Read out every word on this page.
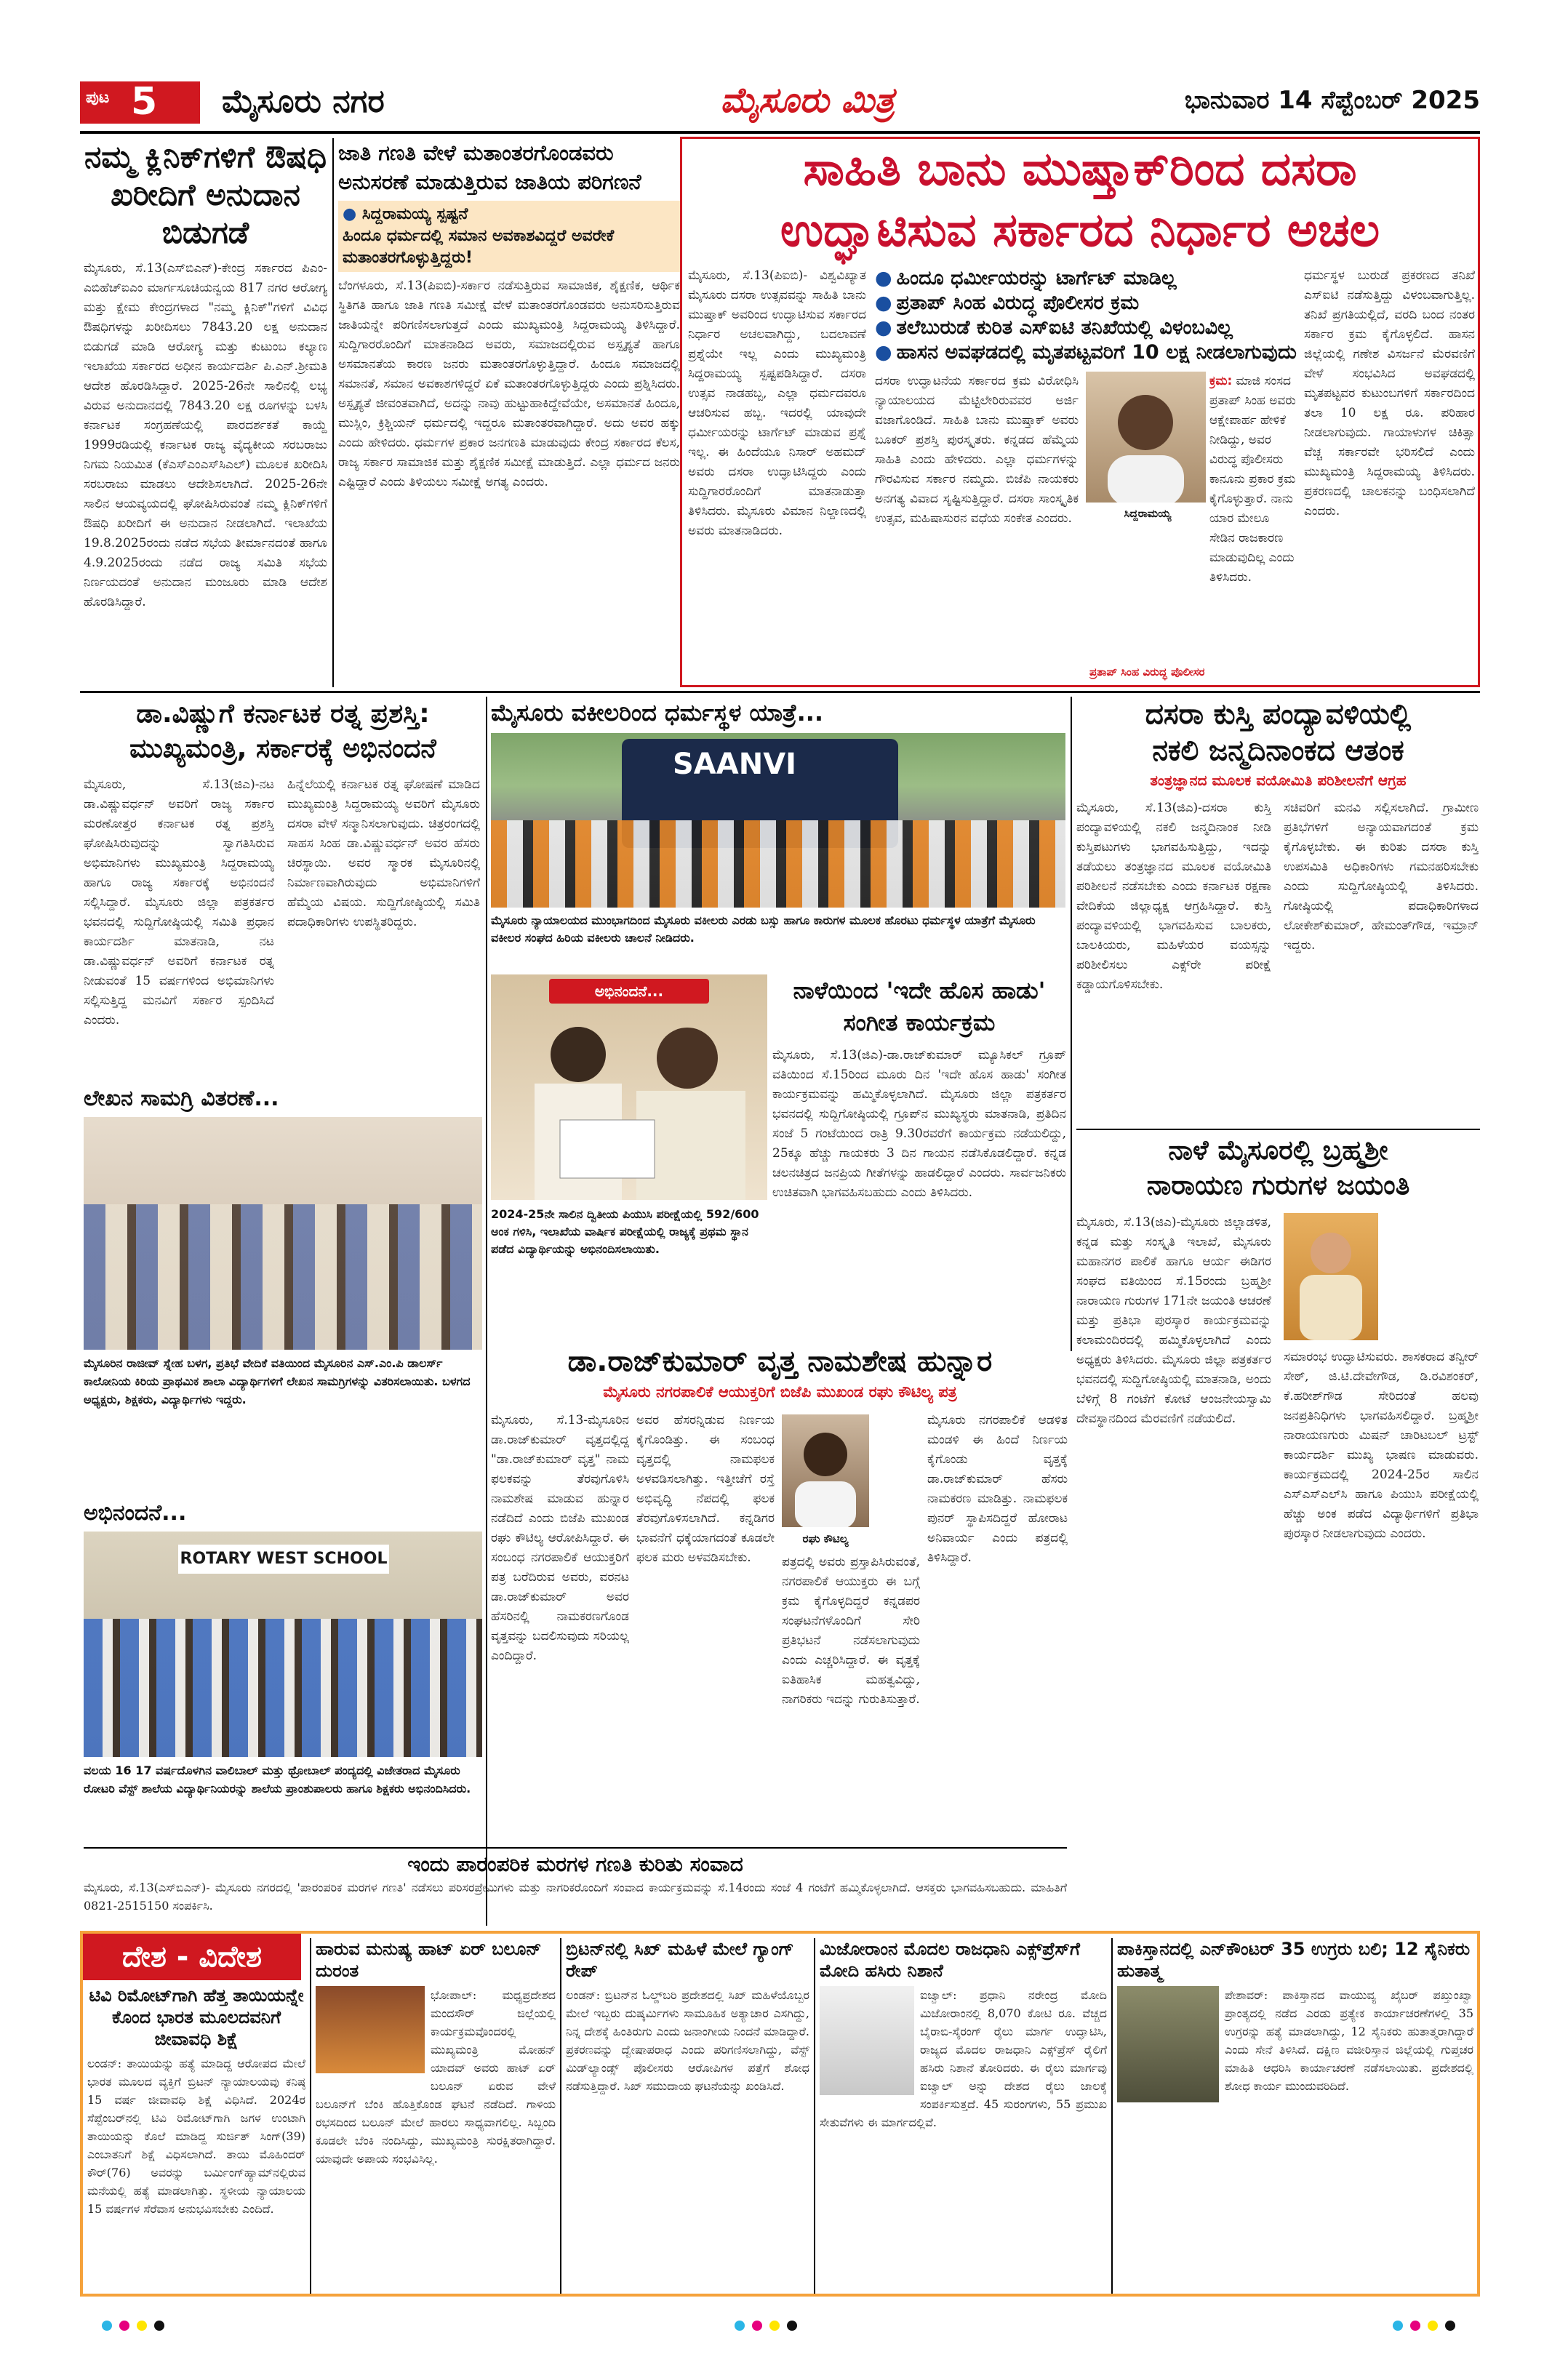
ಪುಟ 5 ಮೈಸೂರು ನಗರ	ಮೈಸೂರು ಮಿತ್ರ	ಭಾನುವಾರ 14 ಸೆಪ್ಟೆಂಬರ್ 2025
ನಮ್ಮ ಕ್ಲಿನಿಕ್‌ಗಳಿಗೆ ಔಷಧಿ ಖರೀದಿಗೆ ಅನುದಾನ ಬಿಡುಗಡೆ
ಮೈಸೂರು, ಸೆ.13(ಎಸ್‌ಬಿಎನ್)-ಕೇಂದ್ರ ಸರ್ಕಾರದ ಪಿಎಂ-ಎಬಿಹೆಚ್‌ಐಎಂ ಮಾರ್ಗಸೂಚಿಯನ್ವಯ 817 ನಗರ ಆರೋಗ್ಯ ಮತ್ತು ಕ್ಷೇಮ ಕೇಂದ್ರಗಳಾದ "ನಮ್ಮ ಕ್ಲಿನಿಕ್"ಗಳಿಗೆ ವಿವಿಧ ಔಷಧಿಗಳನ್ನು ಖರೀದಿಸಲು 7843.20 ಲಕ್ಷ ಅನುದಾನ ಬಿಡುಗಡೆ ಮಾಡಿ ಆರೋಗ್ಯ ಮತ್ತು ಕುಟುಂಬ ಕಲ್ಯಾಣ ಇಲಾಖೆಯ ಸರ್ಕಾರದ ಅಧೀನ ಕಾರ್ಯದರ್ಶಿ ಪಿ.ಎನ್.ಶ್ರೀಮತಿ ಆದೇಶ ಹೊರಡಿಸಿದ್ದಾರೆ. 2025-26ನೇ ಸಾಲಿನಲ್ಲಿ ಲಭ್ಯ ವಿರುವ ಅನುದಾನದಲ್ಲಿ 7843.20 ಲಕ್ಷ ರೂಗಳನ್ನು ಬಳಸಿ ಕರ್ನಾಟಕ ಸಂಗ್ರಹಣೆಯಲ್ಲಿ ಪಾರದರ್ಶಕತೆ ಕಾಯ್ದೆ 1999ರಡಿಯಲ್ಲಿ ಕರ್ನಾಟಕ ರಾಜ್ಯ ವೈದ್ಯಕೀಯ ಸರಬರಾಜು ನಿಗಮ ನಿಯಮಿತ (ಕೆಎಸ್‌ಎಂಎಸ್‌ಸಿಎಲ್) ಮೂಲಕ ಖರೀದಿಸಿ ಸರಬರಾಜು ಮಾಡಲು ಆದೇಶಿಸಲಾಗಿದೆ. 2025-26ನೇ ಸಾಲಿನ ಆಯವ್ಯಯದಲ್ಲಿ ಘೋಷಿಸಿರುವಂತೆ ನಮ್ಮ ಕ್ಲಿನಿಕ್‌ಗಳಿಗೆ ಔಷಧಿ ಖರೀದಿಗೆ ಈ ಅನುದಾನ ನೀಡಲಾಗಿದೆ. ಇಲಾಖೆಯ 19.8.2025ರಂದು ನಡೆದ ಸಭೆಯ ತೀರ್ಮಾನದಂತೆ ಹಾಗೂ 4.9.2025ರಂದು ನಡೆದ ರಾಜ್ಯ ಸಮಿತಿ ಸಭೆಯ ನಿರ್ಣಯದಂತೆ ಅನುದಾನ ಮಂಜೂರು ಮಾಡಿ ಆದೇಶ ಹೊರಡಿಸಿದ್ದಾರೆ.
ಜಾತಿ ಗಣತಿ ವೇಳೆ ಮತಾಂತರಗೊಂಡವರು ಅನುಸರಣೆ ಮಾಡುತ್ತಿರುವ ಜಾತಿಯ ಪರಿಗಣನೆ
● ಸಿದ್ದರಾಮಯ್ಯ ಸ್ಪಷ್ಟನೆ
ಹಿಂದೂ ಧರ್ಮದಲ್ಲಿ ಸಮಾನ ಅವಕಾಶವಿದ್ದರೆ ಅವರೇಕೆ ಮತಾಂತರಗೊಳ್ಳುತ್ತಿದ್ದರು!
ಬೆಂಗಳೂರು, ಸೆ.13(ಪಿಐಬಿ)-ಸರ್ಕಾರ ನಡೆಸುತ್ತಿರುವ ಸಾಮಾಜಿಕ, ಶೈಕ್ಷಣಿಕ, ಆರ್ಥಿಕ ಸ್ಥಿತಿಗತಿ ಹಾಗೂ ಜಾತಿ ಗಣತಿ ಸಮೀಕ್ಷೆ ವೇಳೆ ಮತಾಂತರಗೊಂಡವರು ಅನುಸರಿಸುತ್ತಿರುವ ಜಾತಿಯನ್ನೇ ಪರಿಗಣಿಸಲಾಗುತ್ತದೆ ಎಂದು ಮುಖ್ಯಮಂತ್ರಿ ಸಿದ್ದರಾಮಯ್ಯ ತಿಳಿಸಿದ್ದಾರೆ. ಸುದ್ದಿಗಾರರೊಂದಿಗೆ ಮಾತನಾಡಿದ ಅವರು, ಸಮಾಜದಲ್ಲಿರುವ ಅಸ್ಪೃಶ್ಯತೆ ಹಾಗೂ ಅಸಮಾನತೆಯ ಕಾರಣ ಜನರು ಮತಾಂತರಗೊಳ್ಳುತ್ತಿದ್ದಾರೆ. ಹಿಂದೂ ಸಮಾಜದಲ್ಲಿ ಸಮಾನತೆ, ಸಮಾನ ಅವಕಾಶಗಳಿದ್ದರೆ ಏಕೆ ಮತಾಂತರಗೊಳ್ಳುತ್ತಿದ್ದರು ಎಂದು ಪ್ರಶ್ನಿಸಿದರು. ಅಸ್ಪೃಶ್ಯತೆ ಜೀವಂತವಾಗಿದೆ, ಅದನ್ನು ನಾವು ಹುಟ್ಟುಹಾಕಿದ್ದೇವೆಯೇ, ಅಸಮಾನತೆ ಹಿಂದೂ, ಮುಸ್ಲಿಂ, ಕ್ರಿಶ್ಚಿಯನ್ ಧರ್ಮದಲ್ಲಿ ಇದ್ದರೂ ಮತಾಂತರವಾಗಿದ್ದಾರೆ. ಅದು ಅವರ ಹಕ್ಕು ಎಂದು ಹೇಳಿದರು. ಧರ್ಮಗಳ ಪ್ರಕಾರ ಜನಗಣತಿ ಮಾಡುವುದು ಕೇಂದ್ರ ಸರ್ಕಾರದ ಕೆಲಸ, ರಾಜ್ಯ ಸರ್ಕಾರ ಸಾಮಾಜಿಕ ಮತ್ತು ಶೈಕ್ಷಣಿಕ ಸಮೀಕ್ಷೆ ಮಾಡುತ್ತಿದೆ. ಎಲ್ಲಾ ಧರ್ಮದ ಜನರು ಎಷ್ಟಿದ್ದಾರೆ ಎಂದು ತಿಳಿಯಲು ಸಮೀಕ್ಷೆ ಅಗತ್ಯ ಎಂದರು.
ಸಾಹಿತಿ ಬಾನು ಮುಷ್ತಾಕ್‌ರಿಂದ ದಸರಾ
ಉದ್ಘಾಟಿಸುವ ಸರ್ಕಾರದ ನಿರ್ಧಾರ ಅಚಲ
ಮೈಸೂರು, ಸೆ.13(ಪಿಐಬಿ)- ವಿಶ್ವವಿಖ್ಯಾತ ಮೈಸೂರು ದಸರಾ ಉತ್ಸವವನ್ನು ಸಾಹಿತಿ ಬಾನು ಮುಷ್ತಾಕ್ ಅವರಿಂದ ಉದ್ಘಾಟಿಸುವ ಸರ್ಕಾರದ ನಿರ್ಧಾರ ಅಚಲವಾಗಿದ್ದು, ಬದಲಾವಣೆ ಪ್ರಶ್ನೆಯೇ ಇಲ್ಲ ಎಂದು ಮುಖ್ಯಮಂತ್ರಿ ಸಿದ್ದರಾಮಯ್ಯ ಸ್ಪಷ್ಟಪಡಿಸಿದ್ದಾರೆ. ದಸರಾ ಉತ್ಸವ ನಾಡಹಬ್ಬ, ಎಲ್ಲಾ ಧರ್ಮದವರೂ ಆಚರಿಸುವ ಹಬ್ಬ. ಇದರಲ್ಲಿ ಯಾವುದೇ ಧರ್ಮೀಯರನ್ನು ಟಾರ್ಗೆಟ್ ಮಾಡುವ ಪ್ರಶ್ನೆ ಇಲ್ಲ. ಈ ಹಿಂದೆಯೂ ನಿಸಾರ್ ಅಹಮದ್ ಅವರು ದಸರಾ ಉದ್ಘಾಟಿಸಿದ್ದರು ಎಂದು ಸುದ್ದಿಗಾರರೊಂದಿಗೆ ಮಾತನಾಡುತ್ತಾ ತಿಳಿಸಿದರು. ಮೈಸೂರು ವಿಮಾನ ನಿಲ್ದಾಣದಲ್ಲಿ ಅವರು ಮಾತನಾಡಿದರು.
● ಹಿಂದೂ ಧರ್ಮೀಯರನ್ನು ಟಾರ್ಗೆಟ್ ಮಾಡಿಲ್ಲ
● ಪ್ರತಾಪ್ ಸಿಂಹ ವಿರುದ್ಧ ಪೊಲೀಸರ ಕ್ರಮ
● ತಲೆಬುರುಡೆ ಕುರಿತ ಎಸ್‌ಐಟಿ ತನಿಖೆಯಲ್ಲಿ ವಿಳಂಬವಿಲ್ಲ
● ಹಾಸನ ಅವಘಡದಲ್ಲಿ ಮೃತಪಟ್ಟವರಿಗೆ 10 ಲಕ್ಷ ನೀಡಲಾಗುವುದು
ದಸರಾ ಉದ್ಘಾಟನೆಯ ಸರ್ಕಾರದ ಕ್ರಮ ವಿರೋಧಿಸಿ ನ್ಯಾಯಾಲಯದ ಮೆಟ್ಟಿಲೇರಿರುವವರ ಅರ್ಜಿ ವಜಾಗೊಂಡಿದೆ. ಸಾಹಿತಿ ಬಾನು ಮುಷ್ತಾಕ್ ಅವರು ಬೂಕರ್ ಪ್ರಶಸ್ತಿ ಪುರಸ್ಕೃತರು. ಕನ್ನಡದ ಹೆಮ್ಮೆಯ ಸಾಹಿತಿ ಎಂದು ಹೇಳಿದರು. ಎಲ್ಲಾ ಧರ್ಮಗಳನ್ನು ಗೌರವಿಸುವ ಸರ್ಕಾರ ನಮ್ಮದು. ಬಿಜೆಪಿ ನಾಯಕರು ಅನಗತ್ಯ ವಿವಾದ ಸೃಷ್ಟಿಸುತ್ತಿದ್ದಾರೆ. ದಸರಾ ಸಾಂಸ್ಕೃತಿಕ ಉತ್ಸವ, ಮಹಿಷಾಸುರನ ವಧೆಯ ಸಂಕೇತ ಎಂದರು.	ಸಿದ್ದರಾಮಯ್ಯ
ಕ್ರಮ: ಮಾಜಿ ಸಂಸದ ಪ್ರತಾಪ್ ಸಿಂಹ ಅವರು ಆಕ್ಷೇಪಾರ್ಹ ಹೇಳಿಕೆ ನೀಡಿದ್ದು, ಅವರ ವಿರುದ್ಧ ಪೊಲೀಸರು ಕಾನೂನು ಪ್ರಕಾರ ಕ್ರಮ ಕೈಗೊಳ್ಳುತ್ತಾರೆ. ನಾನು ಯಾರ ಮೇಲೂ ಸೇಡಿನ ರಾಜಕಾರಣ ಮಾಡುವುದಿಲ್ಲ ಎಂದು ತಿಳಿಸಿದರು.
ಪ್ರತಾಪ್ ಸಿಂಹ ವಿರುದ್ಧ ಪೊಲೀಸರ
ಧರ್ಮಸ್ಥಳ ಬುರುಡೆ ಪ್ರಕರಣದ ತನಿಖೆ ಎಸ್‌ಐಟಿ ನಡೆಸುತ್ತಿದ್ದು ವಿಳಂಬವಾಗುತ್ತಿಲ್ಲ. ತನಿಖೆ ಪ್ರಗತಿಯಲ್ಲಿದೆ, ವರದಿ ಬಂದ ನಂತರ ಸರ್ಕಾರ ಕ್ರಮ ಕೈಗೊಳ್ಳಲಿದೆ. ಹಾಸನ ಜಿಲ್ಲೆಯಲ್ಲಿ ಗಣೇಶ ವಿಸರ್ಜನೆ ಮೆರವಣಿಗೆ ವೇಳೆ ಸಂಭವಿಸಿದ ಅವಘಡದಲ್ಲಿ ಮೃತಪಟ್ಟವರ ಕುಟುಂಬಗಳಿಗೆ ಸರ್ಕಾರದಿಂದ ತಲಾ 10 ಲಕ್ಷ ರೂ. ಪರಿಹಾರ ನೀಡಲಾಗುವುದು. ಗಾಯಾಳುಗಳ ಚಿಕಿತ್ಸಾ ವೆಚ್ಚ ಸರ್ಕಾರವೇ ಭರಿಸಲಿದೆ ಎಂದು ಮುಖ್ಯಮಂತ್ರಿ ಸಿದ್ದರಾಮಯ್ಯ ತಿಳಿಸಿದರು. ಪ್ರಕರಣದಲ್ಲಿ ಚಾಲಕನನ್ನು ಬಂಧಿಸಲಾಗಿದೆ ಎಂದರು.
ಡಾ.ವಿಷ್ಣುಗೆ ಕರ್ನಾಟಕ ರತ್ನ ಪ್ರಶಸ್ತಿ: ಮುಖ್ಯಮಂತ್ರಿ, ಸರ್ಕಾರಕ್ಕೆ ಅಭಿನಂದನೆ
ಮೈಸೂರು, ಸೆ.13(ಜಿಎ)-ನಟ ಡಾ.ವಿಷ್ಣುವರ್ಧನ್ ಅವರಿಗೆ ರಾಜ್ಯ ಸರ್ಕಾರ ಮರಣೋತ್ತರ ಕರ್ನಾಟಕ ರತ್ನ ಪ್ರಶಸ್ತಿ ಘೋಷಿಸಿರುವುದನ್ನು ಸ್ವಾಗತಿಸಿರುವ ಅಭಿಮಾನಿಗಳು ಮುಖ್ಯಮಂತ್ರಿ ಸಿದ್ದರಾಮಯ್ಯ ಹಾಗೂ ರಾಜ್ಯ ಸರ್ಕಾರಕ್ಕೆ ಅಭಿನಂದನೆ ಸಲ್ಲಿಸಿದ್ದಾರೆ. ಮೈಸೂರು ಜಿಲ್ಲಾ ಪತ್ರಕರ್ತರ ಭವನದಲ್ಲಿ ಸುದ್ದಿಗೋಷ್ಠಿಯಲ್ಲಿ ಸಮಿತಿ ಪ್ರಧಾನ ಕಾರ್ಯದರ್ಶಿ ಮಾತನಾಡಿ, ನಟ ಡಾ.ವಿಷ್ಣುವರ್ಧನ್ ಅವರಿಗೆ ಕರ್ನಾಟಕ ರತ್ನ ನೀಡುವಂತೆ 15 ವರ್ಷಗಳಿಂದ ಅಭಿಮಾನಿಗಳು ಸಲ್ಲಿಸುತ್ತಿದ್ದ ಮನವಿಗೆ ಸರ್ಕಾರ ಸ್ಪಂದಿಸಿದೆ ಎಂದರು.
ಹಿನ್ನೆಲೆಯಲ್ಲಿ ಕರ್ನಾಟಕ ರತ್ನ ಘೋಷಣೆ ಮಾಡಿದ ಮುಖ್ಯಮಂತ್ರಿ ಸಿದ್ದರಾಮಯ್ಯ ಅವರಿಗೆ ಮೈಸೂರು ದಸರಾ ವೇಳೆ ಸನ್ಮಾನಿಸಲಾಗುವುದು. ಚಿತ್ರರಂಗದಲ್ಲಿ ಸಾಹಸ ಸಿಂಹ ಡಾ.ವಿಷ್ಣುವರ್ಧನ್ ಅವರ ಹೆಸರು ಚಿರಸ್ಥಾಯಿ. ಅವರ ಸ್ಮಾರಕ ಮೈಸೂರಿನಲ್ಲಿ ನಿರ್ಮಾಣವಾಗಿರುವುದು ಅಭಿಮಾನಿಗಳಿಗೆ ಹೆಮ್ಮೆಯ ವಿಷಯ. ಸುದ್ದಿಗೋಷ್ಠಿಯಲ್ಲಿ ಸಮಿತಿ ಪದಾಧಿಕಾರಿಗಳು ಉಪಸ್ಥಿತರಿದ್ದರು.
ಮೈಸೂರು ವಕೀಲರಿಂದ ಧರ್ಮಸ್ಥಳ ಯಾತ್ರೆ...
SAANVI
ಮೈಸೂರು ನ್ಯಾಯಾಲಯದ ಮುಂಭಾಗದಿಂದ ಮೈಸೂರು ವಕೀಲರು ಎರಡು ಬಸ್ಸು ಹಾಗೂ ಕಾರುಗಳ ಮೂಲಕ ಹೊರಟು ಧರ್ಮಸ್ಥಳ ಯಾತ್ರೆಗೆ ಮೈಸೂರು ವಕೀಲರ ಸಂಘದ ಹಿರಿಯ ವಕೀಲರು ಚಾಲನೆ ನೀಡಿದರು.
ಅಭಿನಂದನೆ...
2024-25ನೇ ಸಾಲಿನ ದ್ವಿತೀಯ ಪಿಯುಸಿ ಪರೀಕ್ಷೆಯಲ್ಲಿ 592/600 ಅಂಕ ಗಳಿಸಿ, ಇಲಾಖೆಯ ವಾರ್ಷಿಕ ಪರೀಕ್ಷೆಯಲ್ಲಿ ರಾಜ್ಯಕ್ಕೆ ಪ್ರಥಮ ಸ್ಥಾನ ಪಡೆದ ವಿದ್ಯಾರ್ಥಿಯನ್ನು ಅಭಿನಂದಿಸಲಾಯಿತು.
ನಾಳೆಯಿಂದ 'ಇದೇ ಹೊಸ ಹಾಡು' ಸಂಗೀತ ಕಾರ್ಯಕ್ರಮ
ಮೈಸೂರು, ಸೆ.13(ಜಿಎ)-ಡಾ.ರಾಜ್‌ಕುಮಾರ್ ಮ್ಯೂಸಿಕಲ್ ಗ್ರೂಪ್ ವತಿಯಿಂದ ಸೆ.15ರಿಂದ ಮೂರು ದಿನ 'ಇದೇ ಹೊಸ ಹಾಡು' ಸಂಗೀತ ಕಾರ್ಯಕ್ರಮವನ್ನು ಹಮ್ಮಿಕೊಳ್ಳಲಾಗಿದೆ. ಮೈಸೂರು ಜಿಲ್ಲಾ ಪತ್ರಕರ್ತರ ಭವನದಲ್ಲಿ ಸುದ್ದಿಗೋಷ್ಠಿಯಲ್ಲಿ ಗ್ರೂಪ್‌ನ ಮುಖ್ಯಸ್ಥರು ಮಾತನಾಡಿ, ಪ್ರತಿದಿನ ಸಂಜೆ 5 ಗಂಟೆಯಿಂದ ರಾತ್ರಿ 9.30ರವರೆಗೆ ಕಾರ್ಯಕ್ರಮ ನಡೆಯಲಿದ್ದು, 25ಕ್ಕೂ ಹೆಚ್ಚು ಗಾಯಕರು 3 ದಿನ ಗಾಯನ ನಡೆಸಿಕೊಡಲಿದ್ದಾರೆ. ಕನ್ನಡ ಚಲನಚಿತ್ರದ ಜನಪ್ರಿಯ ಗೀತೆಗಳನ್ನು ಹಾಡಲಿದ್ದಾರೆ ಎಂದರು. ಸಾರ್ವಜನಿಕರು ಉಚಿತವಾಗಿ ಭಾಗವಹಿಸಬಹುದು ಎಂದು ತಿಳಿಸಿದರು.
ದಸರಾ ಕುಸ್ತಿ ಪಂದ್ಯಾವಳಿಯಲ್ಲಿ
ನಕಲಿ ಜನ್ಮದಿನಾಂಕದ ಆತಂಕ
ತಂತ್ರಜ್ಞಾನದ ಮೂಲಕ ವಯೋಮಿತಿ ಪರಿಶೀಲನೆಗೆ ಆಗ್ರಹ
ಮೈಸೂರು, ಸೆ.13(ಜಿಎ)-ದಸರಾ ಕುಸ್ತಿ ಪಂದ್ಯಾವಳಿಯಲ್ಲಿ ನಕಲಿ ಜನ್ಮದಿನಾಂಕ ನೀಡಿ ಕುಸ್ತಿಪಟುಗಳು ಭಾಗವಹಿಸುತ್ತಿದ್ದು, ಇದನ್ನು ತಡೆಯಲು ತಂತ್ರಜ್ಞಾನದ ಮೂಲಕ ವಯೋಮಿತಿ ಪರಿಶೀಲನೆ ನಡೆಸಬೇಕು ಎಂದು ಕರ್ನಾಟಕ ರಕ್ಷಣಾ ವೇದಿಕೆಯ ಜಿಲ್ಲಾಧ್ಯಕ್ಷ ಆಗ್ರಹಿಸಿದ್ದಾರೆ. ಕುಸ್ತಿ ಪಂದ್ಯಾವಳಿಯಲ್ಲಿ ಭಾಗವಹಿಸುವ ಬಾಲಕರು, ಬಾಲಕಿಯರು, ಮಹಿಳೆಯರ ವಯಸ್ಸನ್ನು ಪರಿಶೀಲಿಸಲು ಎಕ್ಸ್‌ರೇ ಪರೀಕ್ಷೆ ಕಡ್ಡಾಯಗೊಳಿಸಬೇಕು.
ಸಚಿವರಿಗೆ ಮನವಿ ಸಲ್ಲಿಸಲಾಗಿದೆ. ಗ್ರಾಮೀಣ ಪ್ರತಿಭೆಗಳಿಗೆ ಅನ್ಯಾಯವಾಗದಂತೆ ಕ್ರಮ ಕೈಗೊಳ್ಳಬೇಕು. ಈ ಕುರಿತು ದಸರಾ ಕುಸ್ತಿ ಉಪಸಮಿತಿ ಅಧಿಕಾರಿಗಳು ಗಮನಹರಿಸಬೇಕು ಎಂದು ಸುದ್ದಿಗೋಷ್ಠಿಯಲ್ಲಿ ತಿಳಿಸಿದರು. ಗೋಷ್ಠಿಯಲ್ಲಿ ಪದಾಧಿಕಾರಿಗಳಾದ ಲೋಕೇಶ್‌ಕುಮಾರ್, ಹೇಮಂತ್‌ಗೌಡ, ಇಮ್ರಾನ್ ಇದ್ದರು.
ನಾಳೆ ಮೈಸೂರಲ್ಲಿ ಬ್ರಹ್ಮಶ್ರೀ
ನಾರಾಯಣ ಗುರುಗಳ ಜಯಂತಿ
ಮೈಸೂರು, ಸೆ.13(ಜಿಎ)-ಮೈಸೂರು ಜಿಲ್ಲಾಡಳಿತ, ಕನ್ನಡ ಮತ್ತು ಸಂಸ್ಕೃತಿ ಇಲಾಖೆ, ಮೈಸೂರು ಮಹಾನಗರ ಪಾಲಿಕೆ ಹಾಗೂ ಆರ್ಯ ಈಡಿಗರ ಸಂಘದ ವತಿಯಿಂದ ಸೆ.15ರಂದು ಬ್ರಹ್ಮಶ್ರೀ ನಾರಾಯಣ ಗುರುಗಳ 171ನೇ ಜಯಂತಿ ಆಚರಣೆ ಮತ್ತು ಪ್ರತಿಭಾ ಪುರಸ್ಕಾರ ಕಾರ್ಯಕ್ರಮವನ್ನು ಕಲಾಮಂದಿರದಲ್ಲಿ ಹಮ್ಮಿಕೊಳ್ಳಲಾಗಿದೆ ಎಂದು ಅಧ್ಯಕ್ಷರು ತಿಳಿಸಿದರು. ಮೈಸೂರು ಜಿಲ್ಲಾ ಪತ್ರಕರ್ತರ ಭವನದಲ್ಲಿ ಸುದ್ದಿಗೋಷ್ಠಿಯಲ್ಲಿ ಮಾತನಾಡಿ, ಅಂದು ಬೆಳಿಗ್ಗೆ 8 ಗಂಟೆಗೆ ಕೋಟೆ ಆಂಜನೇಯಸ್ವಾಮಿ ದೇವಸ್ಥಾನದಿಂದ ಮೆರವಣಿಗೆ ನಡೆಯಲಿದೆ.
ಸಮಾರಂಭ ಉದ್ಘಾಟಿಸುವರು. ಶಾಸಕರಾದ ತನ್ವೀರ್ ಸೇಠ್, ಜಿ.ಟಿ.ದೇವೇಗೌಡ, ಡಿ.ರವಿಶಂಕರ್, ಕೆ.ಹರೀಶ್‌ಗೌಡ ಸೇರಿದಂತೆ ಹಲವು ಜನಪ್ರತಿನಿಧಿಗಳು ಭಾಗವಹಿಸಲಿದ್ದಾರೆ. ಬ್ರಹ್ಮಶ್ರೀ ನಾರಾಯಣಗುರು ಮಿಷನ್ ಚಾರಿಟಬಲ್ ಟ್ರಸ್ಟ್ ಕಾರ್ಯದರ್ಶಿ ಮುಖ್ಯ ಭಾಷಣ ಮಾಡುವರು. ಕಾರ್ಯಕ್ರಮದಲ್ಲಿ 2024-25ರ ಸಾಲಿನ ಎಸ್‌ಎಸ್‌ಎಲ್‌ಸಿ ಹಾಗೂ ಪಿಯುಸಿ ಪರೀಕ್ಷೆಯಲ್ಲಿ ಹೆಚ್ಚು ಅಂಕ ಪಡೆದ ವಿದ್ಯಾರ್ಥಿಗಳಿಗೆ ಪ್ರತಿಭಾ ಪುರಸ್ಕಾರ ನೀಡಲಾಗುವುದು ಎಂದರು.
ಲೇಖನ ಸಾಮಗ್ರಿ ವಿತರಣೆ...
ಮೈಸೂರಿನ ರಾಜೀವ್ ಸ್ನೇಹ ಬಳಗ, ಪ್ರತಿಭೆ ವೇದಿಕೆ ವತಿಯಿಂದ ಮೈಸೂರಿನ ಎಸ್.ಎಂ.ಪಿ ಡಾಲರ್ಸ್ ಕಾಲೋನಿಯ ಕಿರಿಯ ಪ್ರಾಥಮಿಕ ಶಾಲಾ ವಿದ್ಯಾರ್ಥಿಗಳಿಗೆ ಲೇಖನ ಸಾಮಗ್ರಿಗಳನ್ನು ವಿತರಿಸಲಾಯಿತು. ಬಳಗದ ಅಧ್ಯಕ್ಷರು, ಶಿಕ್ಷಕರು, ವಿದ್ಯಾರ್ಥಿಗಳು ಇದ್ದರು.
ಅಭಿನಂದನೆ...
ROTARY WEST SCHOOL
ವಲಯ 16 17 ವರ್ಷದೊಳಗಿನ ವಾಲಿಬಾಲ್ ಮತ್ತು ಥ್ರೋಬಾಲ್ ಪಂದ್ಯದಲ್ಲಿ ವಿಜೇತರಾದ ಮೈಸೂರು ರೋಟರಿ ವೆಸ್ಟ್ ಶಾಲೆಯ ವಿದ್ಯಾರ್ಥಿನಿಯರನ್ನು ಶಾಲೆಯ ಪ್ರಾಂಶುಪಾಲರು ಹಾಗೂ ಶಿಕ್ಷಕರು ಅಭಿನಂದಿಸಿದರು.
ಡಾ.ರಾಜ್‌ಕುಮಾರ್ ವೃತ್ತ ನಾಮಶೇಷ ಹುನ್ನಾರ
ಮೈಸೂರು ನಗರಪಾಲಿಕೆ ಆಯುಕ್ತರಿಗೆ ಬಿಜೆಪಿ ಮುಖಂಡ ರಘು ಕೌಟಿಲ್ಯ ಪತ್ರ
ಮೈಸೂರು, ಸೆ.13-ಮೈಸೂರಿನ ಡಾ.ರಾಜ್‌ಕುಮಾರ್ ವೃತ್ತದಲ್ಲಿದ್ದ "ಡಾ.ರಾಜ್‌ಕುಮಾರ್ ವೃತ್ತ" ನಾಮ ಫಲಕವನ್ನು ತೆರವುಗೊಳಿಸಿ ನಾಮಶೇಷ ಮಾಡುವ ಹುನ್ನಾರ ನಡೆದಿದೆ ಎಂದು ಬಿಜೆಪಿ ಮುಖಂಡ ರಘು ಕೌಟಿಲ್ಯ ಆರೋಪಿಸಿದ್ದಾರೆ. ಈ ಸಂಬಂಧ ನಗರಪಾಲಿಕೆ ಆಯುಕ್ತರಿಗೆ ಪತ್ರ ಬರೆದಿರುವ ಅವರು, ವರನಟ ಡಾ.ರಾಜ್‌ಕುಮಾರ್ ಅವರ ಹೆಸರಿನಲ್ಲಿ ನಾಮಕರಣಗೊಂಡ ವೃತ್ತವನ್ನು ಬದಲಿಸುವುದು ಸರಿಯಲ್ಲ ಎಂದಿದ್ದಾರೆ.
ಅವರ ಹೆಸರನ್ನಿಡುವ ನಿರ್ಣಯ ಕೈಗೊಂಡಿತ್ತು. ಈ ಸಂಬಂಧ ವೃತ್ತದಲ್ಲಿ ನಾಮಫಲಕ ಅಳವಡಿಸಲಾಗಿತ್ತು. ಇತ್ತೀಚೆಗೆ ರಸ್ತೆ ಅಭಿವೃದ್ಧಿ ನೆಪದಲ್ಲಿ ಫಲಕ ತೆರವುಗೊಳಿಸಲಾಗಿದೆ. ಕನ್ನಡಿಗರ ಭಾವನೆಗೆ ಧಕ್ಕೆಯಾಗದಂತೆ ಕೂಡಲೇ ಫಲಕ ಮರು ಅಳವಡಿಸಬೇಕು.
ರಘು ಕೌಟಿಲ್ಯ
ಪತ್ರದಲ್ಲಿ ಅವರು ಪ್ರಸ್ತಾಪಿಸಿರುವಂತೆ, ನಗರಪಾಲಿಕೆ ಆಯುಕ್ತರು ಈ ಬಗ್ಗೆ ಕ್ರಮ ಕೈಗೊಳ್ಳದಿದ್ದರೆ ಕನ್ನಡಪರ ಸಂಘಟನೆಗಳೊಂದಿಗೆ ಸೇರಿ ಪ್ರತಿಭಟನೆ ನಡೆಸಲಾಗುವುದು ಎಂದು ಎಚ್ಚರಿಸಿದ್ದಾರೆ. ಈ ವೃತ್ತಕ್ಕೆ ಐತಿಹಾಸಿಕ ಮಹತ್ವವಿದ್ದು, ನಾಗರಿಕರು ಇದನ್ನು ಗುರುತಿಸುತ್ತಾರೆ.
ಮೈಸೂರು ನಗರಪಾಲಿಕೆ ಆಡಳಿತ ಮಂಡಳಿ ಈ ಹಿಂದೆ ನಿರ್ಣಯ ಕೈಗೊಂಡು ವೃತ್ತಕ್ಕೆ ಡಾ.ರಾಜ್‌ಕುಮಾರ್ ಹೆಸರು ನಾಮಕರಣ ಮಾಡಿತ್ತು. ನಾಮಫಲಕ ಪುನರ್ ಸ್ಥಾಪಿಸದಿದ್ದರೆ ಹೋರಾಟ ಅನಿವಾರ್ಯ ಎಂದು ಪತ್ರದಲ್ಲಿ ತಿಳಿಸಿದ್ದಾರೆ.
ಇಂದು ಪಾರಂಪರಿಕ ಮರಗಳ ಗಣತಿ ಕುರಿತು ಸಂವಾದ
ಮೈಸೂರು, ಸೆ.13(ಎಸ್‌ಬಿಎನ್)- ಮೈಸೂರು ನಗರದಲ್ಲಿ 'ಪಾರಂಪರಿಕ ಮರಗಳ ಗಣತಿ' ನಡೆಸಲು ಪರಿಸರಪ್ರೇಮಿಗಳು ಮತ್ತು ನಾಗರಿಕರೊಂದಿಗೆ ಸಂವಾದ ಕಾರ್ಯಕ್ರಮವನ್ನು ಸೆ.14ರಂದು ಸಂಜೆ 4 ಗಂಟೆಗೆ ಹಮ್ಮಿಕೊಳ್ಳಲಾಗಿದೆ. ಆಸಕ್ತರು ಭಾಗವಹಿಸಬಹುದು. ಮಾಹಿತಿಗೆ 0821-2515150 ಸಂಪರ್ಕಿಸಿ.
ದೇಶ - ವಿದೇಶ
ಟಿವಿ ರಿಮೋಟ್‌ಗಾಗಿ ಹೆತ್ತ ತಾಯಿಯನ್ನೇ ಕೊಂದ ಭಾರತ ಮೂಲದವನಿಗೆ ಜೀವಾವಧಿ ಶಿಕ್ಷೆ

ಲಂಡನ್: ತಾಯಿಯನ್ನು ಹತ್ಯೆ ಮಾಡಿದ್ದ ಆರೋಪದ ಮೇಲೆ ಭಾರತ ಮೂಲದ ವ್ಯಕ್ತಿಗೆ ಬ್ರಿಟನ್ ನ್ಯಾಯಾಲಯವು ಕನಿಷ್ಠ 15 ವರ್ಷ ಜೀವಾವಧಿ ಶಿಕ್ಷೆ ವಿಧಿಸಿದೆ. 2024ರ ಸೆಪ್ಟೆಂಬರ್‌ನಲ್ಲಿ ಟಿವಿ ರಿಮೋಟ್‌ಗಾಗಿ ಜಗಳ ಉಂಟಾಗಿ ತಾಯಿಯನ್ನು ಕೊಲೆ ಮಾಡಿದ್ದ ಸುರ್ಜಿತ್ ಸಿಂಗ್(39) ಎಂಬಾತನಿಗೆ ಶಿಕ್ಷೆ ವಿಧಿಸಲಾಗಿದೆ. ತಾಯಿ ಮೊಹಿಂದರ್ ಕೌರ್(76) ಅವರನ್ನು ಬರ್ಮಿಂಗ್‌ಹ್ಯಾಮ್‌ನಲ್ಲಿರುವ ಮನೆಯಲ್ಲಿ ಹತ್ಯೆ ಮಾಡಲಾಗಿತ್ತು. ಸ್ಥಳೀಯ ನ್ಯಾಯಾಲಯ 15 ವರ್ಷಗಳ ಸೆರೆವಾಸ ಅನುಭವಿಸಬೇಕು ಎಂದಿದೆ.

ಹಾರುವ ಮನುಷ್ಯ ಹಾಟ್ ಏರ್ ಬಲೂನ್ ದುರಂತ

ಭೋಪಾಲ್: ಮಧ್ಯಪ್ರದೇಶದ ಮಂದಸೌರ್ ಜಿಲ್ಲೆಯಲ್ಲಿ ಕಾರ್ಯಕ್ರಮವೊಂದರಲ್ಲಿ ಮುಖ್ಯಮಂತ್ರಿ ಮೋಹನ್ ಯಾದವ್ ಅವರು ಹಾಟ್ ಏರ್ ಬಲೂನ್ ಏರುವ ವೇಳೆ ಬಲೂನ್‌ಗೆ ಬೆಂಕಿ ಹೊತ್ತಿಕೊಂಡ ಘಟನೆ ನಡೆದಿದೆ. ಗಾಳಿಯ ರಭಸದಿಂದ ಬಲೂನ್ ಮೇಲೆ ಹಾರಲು ಸಾಧ್ಯವಾಗಲಿಲ್ಲ. ಸಿಬ್ಬಂದಿ ಕೂಡಲೇ ಬೆಂಕಿ ನಂದಿಸಿದ್ದು, ಮುಖ್ಯಮಂತ್ರಿ ಸುರಕ್ಷಿತರಾಗಿದ್ದಾರೆ. ಯಾವುದೇ ಅಪಾಯ ಸಂಭವಿಸಿಲ್ಲ.

ಬ್ರಿಟನ್‌ನಲ್ಲಿ ಸಿಖ್ ಮಹಿಳೆ ಮೇಲೆ ಗ್ಯಾಂಗ್ ರೇಪ್

ಲಂಡನ್: ಬ್ರಿಟನ್‌ನ ಓಲ್ಡ್‌ಬರಿ ಪ್ರದೇಶದಲ್ಲಿ ಸಿಖ್ ಮಹಿಳೆಯೊಬ್ಬರ ಮೇಲೆ ಇಬ್ಬರು ದುಷ್ಕರ್ಮಿಗಳು ಸಾಮೂಹಿಕ ಅತ್ಯಾಚಾರ ಎಸಗಿದ್ದು, ನಿನ್ನ ದೇಶಕ್ಕೆ ಹಿಂತಿರುಗು ಎಂದು ಜನಾಂಗೀಯ ನಿಂದನೆ ಮಾಡಿದ್ದಾರೆ. ಪ್ರಕರಣವನ್ನು ದ್ವೇಷಾಪರಾಧ ಎಂದು ಪರಿಗಣಿಸಲಾಗಿದ್ದು, ವೆಸ್ಟ್ ಮಿಡ್‌ಲ್ಯಾಂಡ್ಸ್ ಪೊಲೀಸರು ಆರೋಪಿಗಳ ಪತ್ತೆಗೆ ಶೋಧ ನಡೆಸುತ್ತಿದ್ದಾರೆ. ಸಿಖ್ ಸಮುದಾಯ ಘಟನೆಯನ್ನು ಖಂಡಿಸಿದೆ.

ಮಿಜೋರಾಂನ ಮೊದಲ ರಾಜಧಾನಿ ಎಕ್ಸ್‌ಪ್ರೆಸ್‌ಗೆ ಮೋದಿ ಹಸಿರು ನಿಶಾನೆ

ಐಜ್ವಾಲ್: ಪ್ರಧಾನಿ ನರೇಂದ್ರ ಮೋದಿ ಮಿಜೋರಾಂನಲ್ಲಿ 8,070 ಕೋಟಿ ರೂ. ವೆಚ್ಚದ ಬೈರಾಬಿ-ಸೈರಂಗ್ ರೈಲು ಮಾರ್ಗ ಉದ್ಘಾಟಿಸಿ, ರಾಜ್ಯದ ಮೊದಲ ರಾಜಧಾನಿ ಎಕ್ಸ್‌ಪ್ರೆಸ್ ರೈಲಿಗೆ ಹಸಿರು ನಿಶಾನೆ ತೋರಿದರು. ಈ ರೈಲು ಮಾರ್ಗವು ಐಜ್ವಾಲ್ ಅನ್ನು ದೇಶದ ರೈಲು ಜಾಲಕ್ಕೆ ಸಂಪರ್ಕಿಸುತ್ತದೆ. 45 ಸುರಂಗಗಳು, 55 ಪ್ರಮುಖ ಸೇತುವೆಗಳು ಈ ಮಾರ್ಗದಲ್ಲಿವೆ.

ಪಾಕಿಸ್ತಾನದಲ್ಲಿ ಎನ್‌ಕೌಂಟರ್ 35 ಉಗ್ರರು ಬಲಿ; 12 ಸೈನಿಕರು ಹುತಾತ್ಮ

ಪೇಶಾವರ್: ಪಾಕಿಸ್ತಾನದ ವಾಯುವ್ಯ ಖೈಬರ್ ಪಖ್ತುಂಖ್ವಾ ಪ್ರಾಂತ್ಯದಲ್ಲಿ ನಡೆದ ಎರಡು ಪ್ರತ್ಯೇಕ ಕಾರ್ಯಾಚರಣೆಗಳಲ್ಲಿ 35 ಉಗ್ರರನ್ನು ಹತ್ಯೆ ಮಾಡಲಾಗಿದ್ದು, 12 ಸೈನಿಕರು ಹುತಾತ್ಮರಾಗಿದ್ದಾರೆ ಎಂದು ಸೇನೆ ತಿಳಿಸಿದೆ. ದಕ್ಷಿಣ ವಜೀರಿಸ್ತಾನ ಜಿಲ್ಲೆಯಲ್ಲಿ ಗುಪ್ತಚರ ಮಾಹಿತಿ ಆಧರಿಸಿ ಕಾರ್ಯಾಚರಣೆ ನಡೆಸಲಾಯಿತು. ಪ್ರದೇಶದಲ್ಲಿ ಶೋಧ ಕಾರ್ಯ ಮುಂದುವರಿದಿದೆ.
